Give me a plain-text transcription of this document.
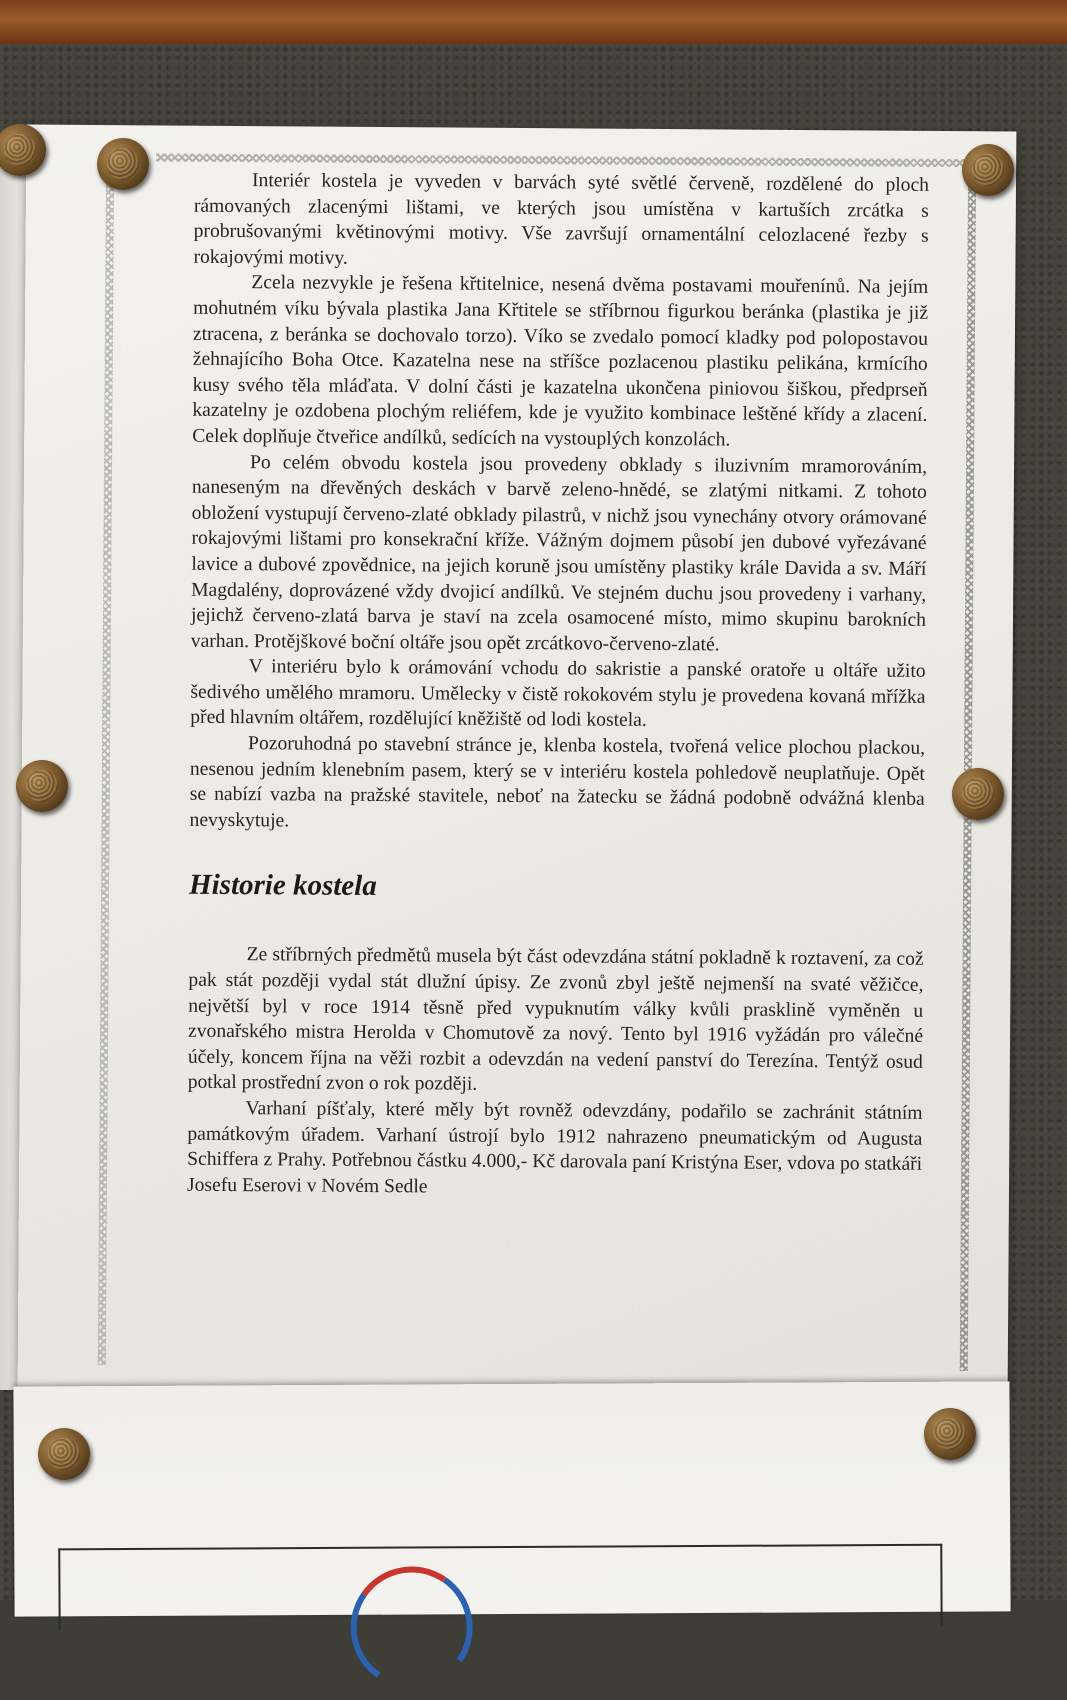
Interiér kostela je vyveden v barvách syté světlé červeně, rozdělené do ploch rámovaných zlacenými lištami, ve kterých jsou umístěna v kartuších zrcátka s probrušovanými květinovými motivy. Vše završují ornamentální celozlacené řezby s rokajovými motivy.

Zcela nezvykle je řešena křtitelnice, nesená dvěma postavami mouřenínů. Na jejím mohutném víku bývala plastika Jana Křtitele se stříbrnou figurkou beránka (plastika je již ztracena, z beránka se dochovalo torzo). Víko se zvedalo pomocí kladky pod polopostavou žehnajícího Boha Otce. Kazatelna nese na stříšce pozlacenou plastiku pelikána, krmícího kusy svého těla mláďata. V dolní části je kazatelna ukončena piniovou šiškou, předprseň kazatelny je ozdobena plochým reliéfem, kde je využito kombinace leštěné křídy a zlacení. Celek doplňuje čtveřice andílků, sedících na vystouplých konzolách.

Po celém obvodu kostela jsou provedeny obklady s iluzivním mramorováním, naneseným na dřevěných deskách v barvě zeleno-hnědé, se zlatými nitkami. Z tohoto obložení vystupují červeno-zlaté obklady pilastrů, v nichž jsou vynechány otvory orámované rokajovými lištami pro konsekrační kříže. Vážným dojmem působí jen dubové vyřezávané lavice a dubové zpovědnice, na jejich koruně jsou umístěny plastiky krále Davida a sv. Máří Magdalény, doprovázené vždy dvojicí andílků. Ve stejném duchu jsou provedeny i varhany, jejichž červeno-zlatá barva je staví na zcela osamocené místo, mimo skupinu barokních varhan. Protějškové boční oltáře jsou opět zrcátkovo-červeno-zlaté.

V interiéru bylo k orámování vchodu do sakristie a panské oratoře u oltáře užito šedivého umělého mramoru. Umělecky v čistě rokokovém stylu je provedena kovaná mřížka před hlavním oltářem, rozdělující kněžiště od lodi kostela.

Pozoruhodná po stavební stránce je, klenba kostela, tvořená velice plochou plackou, nesenou jedním klenebním pasem, který se v interiéru kostela pohledově neuplatňuje. Opět se nabízí vazba na pražské stavitele, neboť na žatecku se žádná podobně odvážná klenba nevyskytuje.

Historie kostela

Ze stříbrných předmětů musela být část odevzdána státní pokladně k roztavení, za což pak stát později vydal stát dlužní úpisy. Ze zvonů zbyl ještě nejmenší na svaté věžičce, největší byl v roce 1914 těsně před vypuknutím války kvůli prasklině vyměněn u zvonařského mistra Herolda v Chomutově za nový. Tento byl 1916 vyžádán pro válečné účely, koncem října na věži rozbit a odevzdán na vedení panství do Terezína. Tentýž osud potkal prostřední zvon o rok později.

Varhaní píšťaly, které měly být rovněž odevzdány, podařilo se zachránit státním památkovým úřadem. Varhaní ústrojí bylo 1912 nahrazeno pneumatickým od Augusta Schiffera z Prahy. Potřebnou částku 4.000,- Kč darovala paní Kristýna Eser, vdova po statkáři Josefu Eserovi v Novém Sedle
